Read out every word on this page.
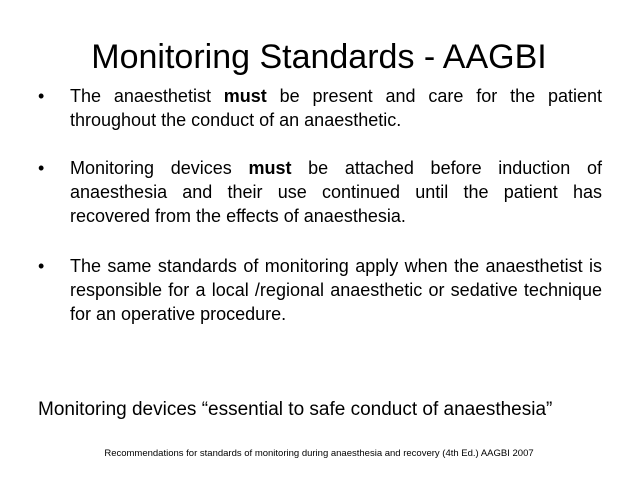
Monitoring Standards - AAGBI
•	The anaesthetist must be present and care for the patient throughout the conduct of an anaesthetic.
•	Monitoring devices must be attached before induction of anaesthesia and their use continued until the patient has recovered from the effects of anaesthesia.
•	The same standards of monitoring apply when the anaesthetist is responsible for a local /regional anaesthetic or sedative technique for an operative procedure.
Monitoring devices “essential to safe conduct of anaesthesia”
Recommendations for standards of monitoring during anaesthesia and recovery (4th Ed.) AAGBI 2007
